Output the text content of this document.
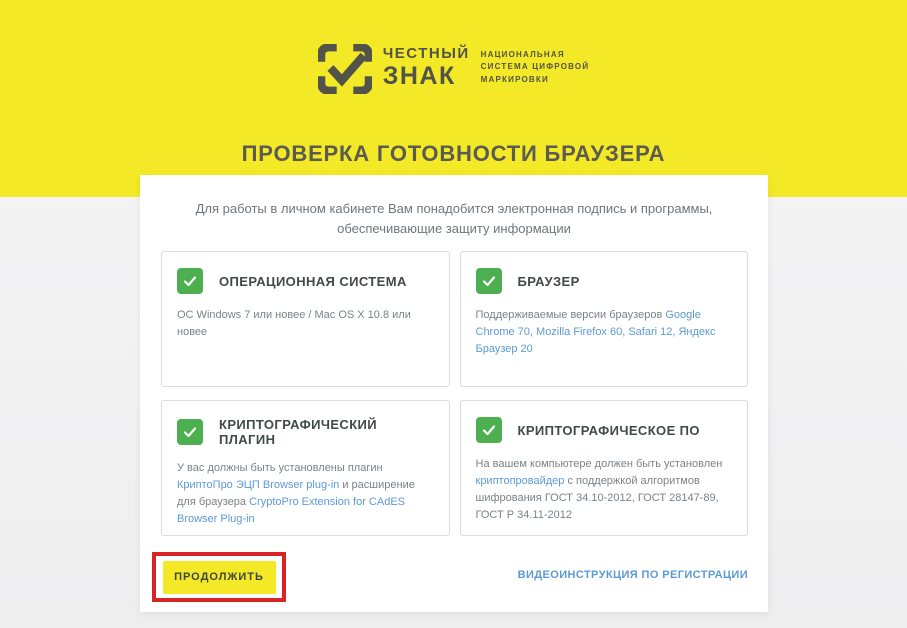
ЧЕСТНЫЙ
ЗНАК
НАЦИОНАЛЬНАЯ
СИСТЕМА ЦИФРОВОЙ
МАРКИРОВКИ
ПРОВЕРКА ГОТОВНОСТИ БРАУЗЕРА
Для работы в личном кабинете Вам понадобится электронная подпись и программы,
обеспечивающие защиту информации
ОПЕРАЦИОННАЯ СИСТЕМА
ОС Windows 7 или новее / Mac OS X 10.8 или новее
БРАУЗЕР
Поддерживаемые версии браузеров Google Chrome 70, Mozilla Firefox 60, Safari 12, Яндекс Браузер 20
КРИПТОГРАФИЧЕСКИЙ ПЛАГИН
У вас должны быть установлены плагин КриптоПро ЭЦП Browser plug-in и расширение для браузера CryptoPro Extension for CAdES Browser Plug-in
КРИПТОГРАФИЧЕСКОЕ ПО
На вашем компьютере должен быть установлен криптопровайдер с поддержкой алгоритмов шифрования ГОСТ 34.10-2012, ГОСТ 28147-89, ГОСТ Р 34.11-2012
ПРОДОЛЖИТЬ	ВИДЕОИНСТРУКЦИЯ ПО РЕГИСТРАЦИИ
